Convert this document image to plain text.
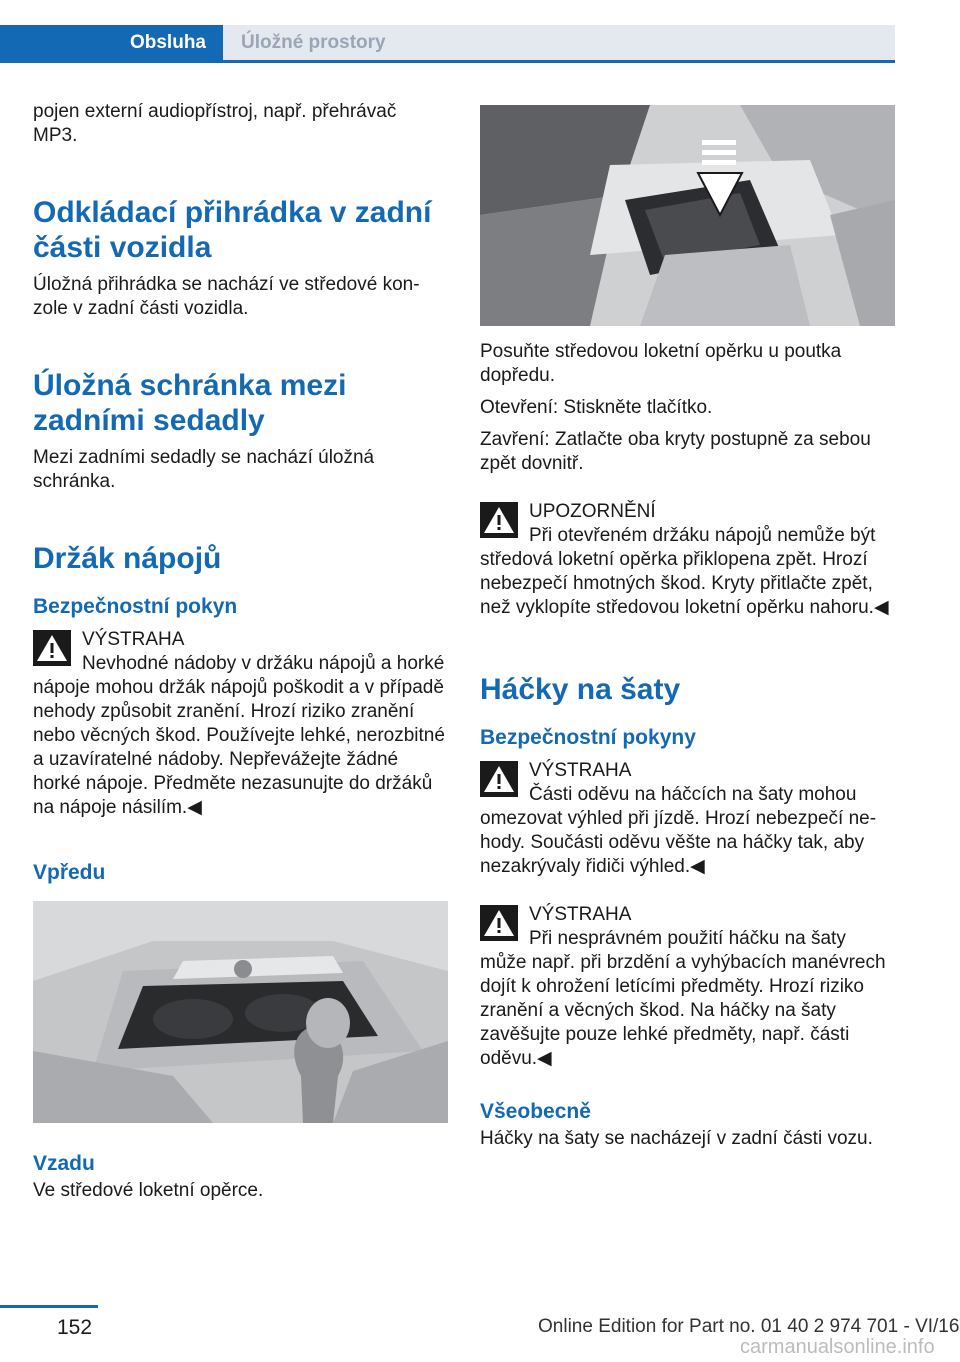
Obsluha Úložné prostory

pojen externí audiopřístroj, např. přehrávač MP3.

Odkládací přihrádka v zadní části vozidla

Úložná přihrádka se nachází ve středové konzole v zadní části vozidla.

Úložná schránka mezi zadními sedadly

Mezi zadními sedadly se nachází úložná schránka.

Držák nápojů
Bezpečnostní pokyn
VÝSTRAHA

Nevhodné nádoby v držáku nápojů a horké nápoje mohou držák nápojů poškodit a v případě nehody způsobit zranění. Hrozí riziko zranění nebo věcných škod. Používejte lehké, nerozbitné a uzavíratelné nádoby. Nepřevážejte žádné horké nápoje. Předměte nezasunujte do držáků na nápoje násilím.◀

Vpředu
Vzadu

Ve středové loketní opěrce.

Posuňte středovou loketní opěrku u poutka dopředu.

Otevření: Stiskněte tlačítko.

Zavření: Zatlačte oba kryty postupně za sebou zpět dovnitř.

UPOZORNĚNÍ

Při otevřeném držáku nápojů nemůže být středová loketní opěrka přiklopena zpět. Hrozí nebezpečí hmotných škod. Kryty přitlačte zpět, než vyklopíte středovou loketní opěrku nahoru.◀

Háčky na šaty
Bezpečnostní pokyny
VÝSTRAHA

Části oděvu na háčcích na šaty mohou omezovat výhled při jízdě. Hrozí nebezpečí nehody. Součásti oděvu věšte na háčky tak, aby nezakrývaly řidiči výhled.◀

VÝSTRAHA

Při nesprávném použití háčku na šaty může např. při brzdění a vyhýbacích manévrech dojít k ohrožení letícími předměty. Hrozí riziko zranění a věcných škod. Na háčky na šaty zavěšujte pouze lehké předměty, např. části oděvu.◀

Všeobecně

Háčky na šaty se nacházejí v zadní části vozu.

152	Online Edition for Part no. 01 40 2 974 701 - VI/16
carmanualsonline.info
